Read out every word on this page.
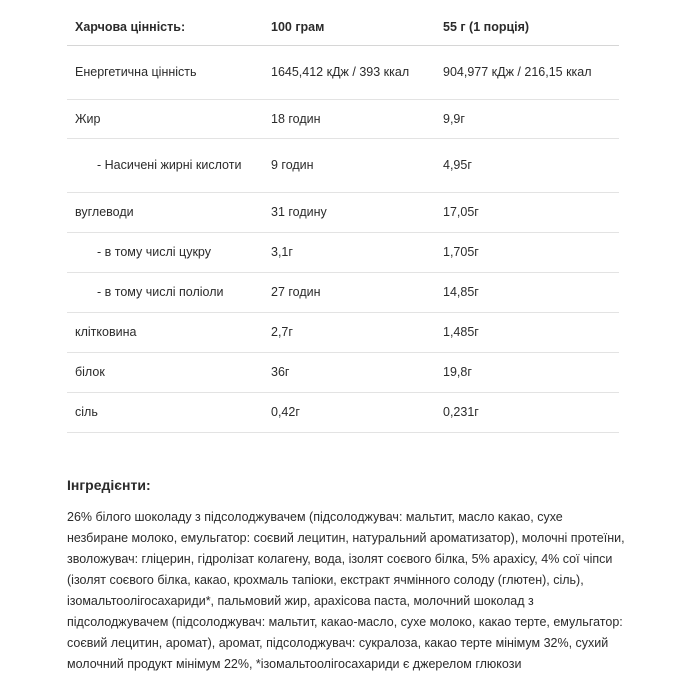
Харчова цінність:	100 грам	55 г (1 порція)
Енергетична цінність	1645,412 кДж / 393 ккал	904,977 кДж / 216,15 ккал
Жир	18 годин	9,9г
- Насичені жирні кислоти	9 годин	4,95г
вуглеводи	31 годину	17,05г
- в тому числі цукру	3,1г	1,705г
- в тому числі поліоли	27 годин	14,85г
клітковина	2,7г	1,485г
білок	36г	19,8г
сіль	0,42г	0,231г
Інгредієнти:

26% білого шоколаду з підсолоджувачем (підсолоджувач: мальтит, масло какао, сухе незбиране молоко, емульгатор: соєвий лецитин, натуральний ароматизатор), молочні протеїни, зволожувач: гліцерин, гідролізат колагену, вода, ізолят соєвого білка, 5% арахісу, 4% сої чіпси (ізолят соєвого білка, какао, крохмаль тапіоки, екстракт ячмінного солоду (глютен), сіль), ізомальтоолігосахариди*, пальмовий жир, арахісова паста, молочний шоколад з підсолоджувачем (підсолоджувач: мальтит, какао-масло, сухе молоко, какао терте, емульгатор: соєвий лецитин, аромат), аромат, підсолоджувач: сукралоза, какао терте мінімум 32%, сухий молочний продукт мінімум 22%, *ізомальтоолігосахариди є джерелом глюкози
